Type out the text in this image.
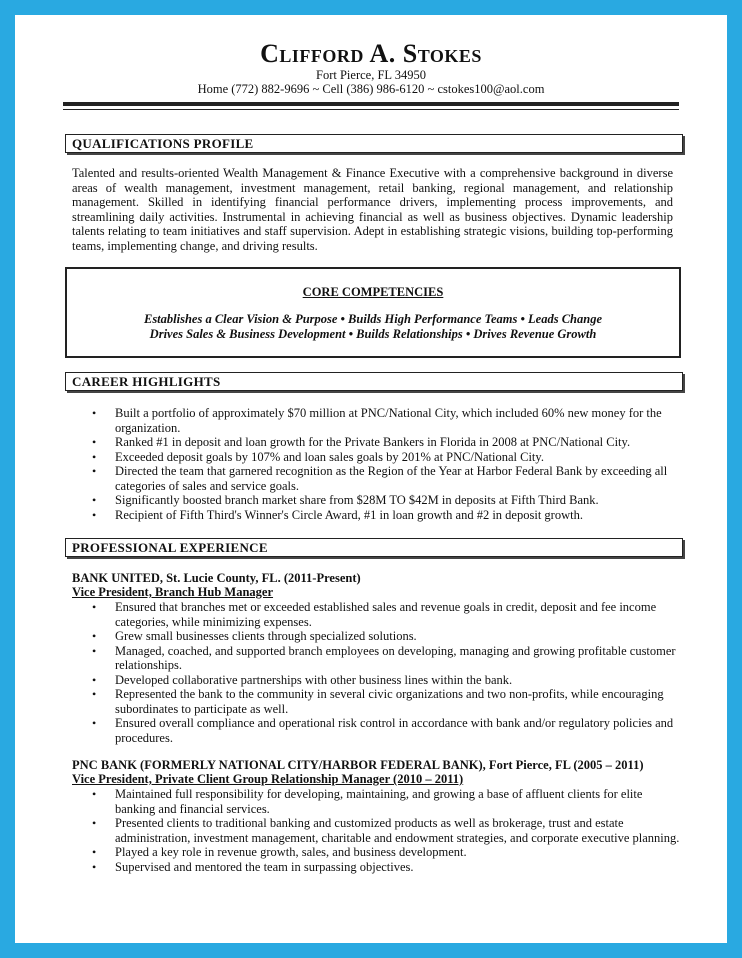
Clifford A. Stokes
Fort Pierce, FL 34950
Home (772) 882-9696 ~ Cell (386) 986-6120 ~ cstokes100@aol.com
QUALIFICATIONS PROFILE

Talented and results-oriented Wealth Management & Finance Executive with a comprehensive background in diverse areas of wealth management, investment management, retail banking, regional management, and relationship management. Skilled in identifying financial performance drivers, implementing process improvements, and streamlining daily activities. Instrumental in achieving financial as well as business objectives. Dynamic leadership talents relating to team initiatives and staff supervision. Adept in establishing strategic visions, building top-performing teams, implementing change, and driving results.

CORE COMPETENCIES
Establishes a Clear Vision & Purpose • Builds High Performance Teams • Leads Change
Drives Sales & Business Development • Builds Relationships • Drives Revenue Growth
CAREER HIGHLIGHTS
• Built a portfolio of approximately $70 million at PNC/National City, which included 60% new money for the organization.
• Ranked #1 in deposit and loan growth for the Private Bankers in Florida in 2008 at PNC/National City.
• Exceeded deposit goals by 107% and loan sales goals by 201% at PNC/National City.
• Directed the team that garnered recognition as the Region of the Year at Harbor Federal Bank by exceeding all categories of sales and service goals.
• Significantly boosted branch market share from $28M TO $42M in deposits at Fifth Third Bank.
• Recipient of Fifth Third's Winner's Circle Award, #1 in loan growth and #2 in deposit growth.
PROFESSIONAL EXPERIENCE
BANK UNITED, St. Lucie County, FL. (2011-Present)
Vice President, Branch Hub Manager
• Ensured that branches met or exceeded established sales and revenue goals in credit, deposit and fee income categories, while minimizing expenses.
• Grew small businesses clients through specialized solutions.
• Managed, coached, and supported branch employees on developing, managing and growing profitable customer relationships.
• Developed collaborative partnerships with other business lines within the bank.
• Represented the bank to the community in several civic organizations and two non-profits, while encouraging subordinates to participate as well.
• Ensured overall compliance and operational risk control in accordance with bank and/or regulatory policies and procedures.
PNC BANK (FORMERLY NATIONAL CITY/HARBOR FEDERAL BANK), Fort Pierce, FL (2005 – 2011)
Vice President, Private Client Group Relationship Manager (2010 – 2011)
• Maintained full responsibility for developing, maintaining, and growing a base of affluent clients for elite banking and financial services.
• Presented clients to traditional banking and customized products as well as brokerage, trust and estate administration, investment management, charitable and endowment strategies, and corporate executive planning.
• Played a key role in revenue growth, sales, and business development.
• Supervised and mentored the team in surpassing objectives.
